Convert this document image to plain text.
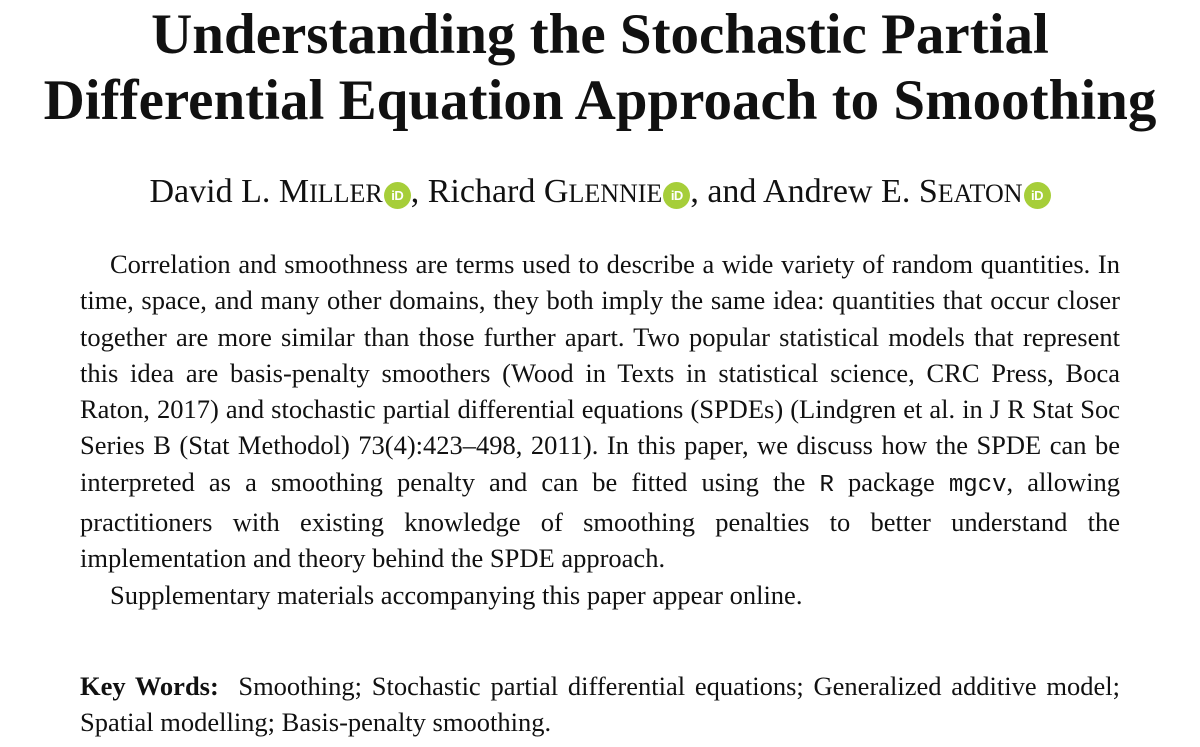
Understanding the Stochastic Partial
Differential Equation Approach to Smoothing
David L. MILLER iD , Richard GLENNIE iD , and Andrew E. SEATON iD

Correlation and smoothness are terms used to describe a wide variety of random quantities. In time, space, and many other domains, they both imply the same idea: quantities that occur closer together are more similar than those further apart. Two popular statistical models that represent this idea are basis-penalty smoothers (Wood in Texts in statistical science, CRC Press, Boca Raton, 2017) and stochastic partial differential equations (SPDEs) (Lindgren et al. in J R Stat Soc Series B (Stat Methodol) 73(4):423–498, 2011). In this paper, we discuss how the SPDE can be interpreted as a smoothing penalty and can be fitted using the R package mgcv, allowing practitioners with existing knowledge of smoothing penalties to better understand the implementation and theory behind the SPDE approach.

Supplementary materials accompanying this paper appear online.

Key Words: Smoothing; Stochastic partial differential equations; Generalized additive model; Spatial modelling; Basis-penalty smoothing.
